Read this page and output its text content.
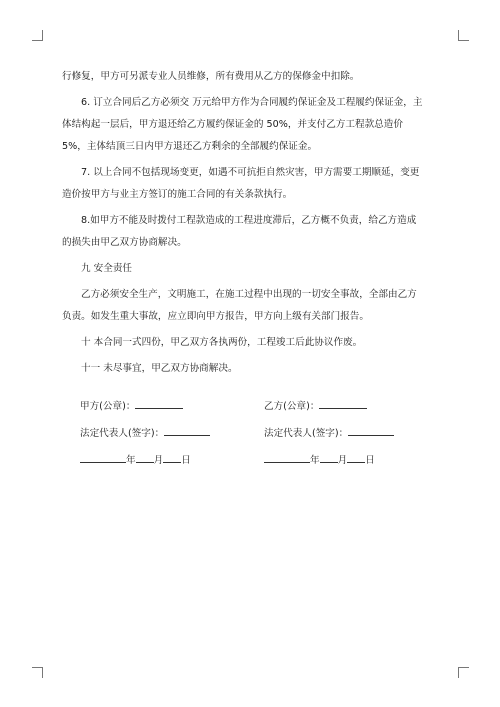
行修复，甲方可另派专业人员维修，所有费用从乙方的保修金中扣除。

6. 订立合同后乙方必须交 万元给甲方作为合同履约保证金及工程履约保证金，主
体结构起一层后，甲方退还给乙方履约保证金的 50%，并支付乙方工程款总造价
5%，主体结顶三日内甲方退还乙方剩余的全部履约保证金。

7. 以上合同不包括现场变更，如遇不可抗拒自然灾害，甲方需要工期顺延，变更
造价按甲方与业主方签订的施工合同的有关条款执行。

8.如甲方不能及时拨付工程款造成的工程进度滞后，乙方概不负责，给乙方造成
的损失由甲乙双方协商解决。

九 安全责任

乙方必须安全生产，文明施工，在施工过程中出现的一切安全事故，全部由乙方
负责。如发生重大事故，应立即向甲方报告，甲方向上级有关部门报告。

十 本合同一式四份，甲乙双方各执两份，工程竣工后此协议作废。

十一 未尽事宜，甲乙双方协商解决。

甲方(公章)：	乙方(公章)：
法定代表人(签字)：	法定代表人(签字)：
年 月 日	年 月 日
